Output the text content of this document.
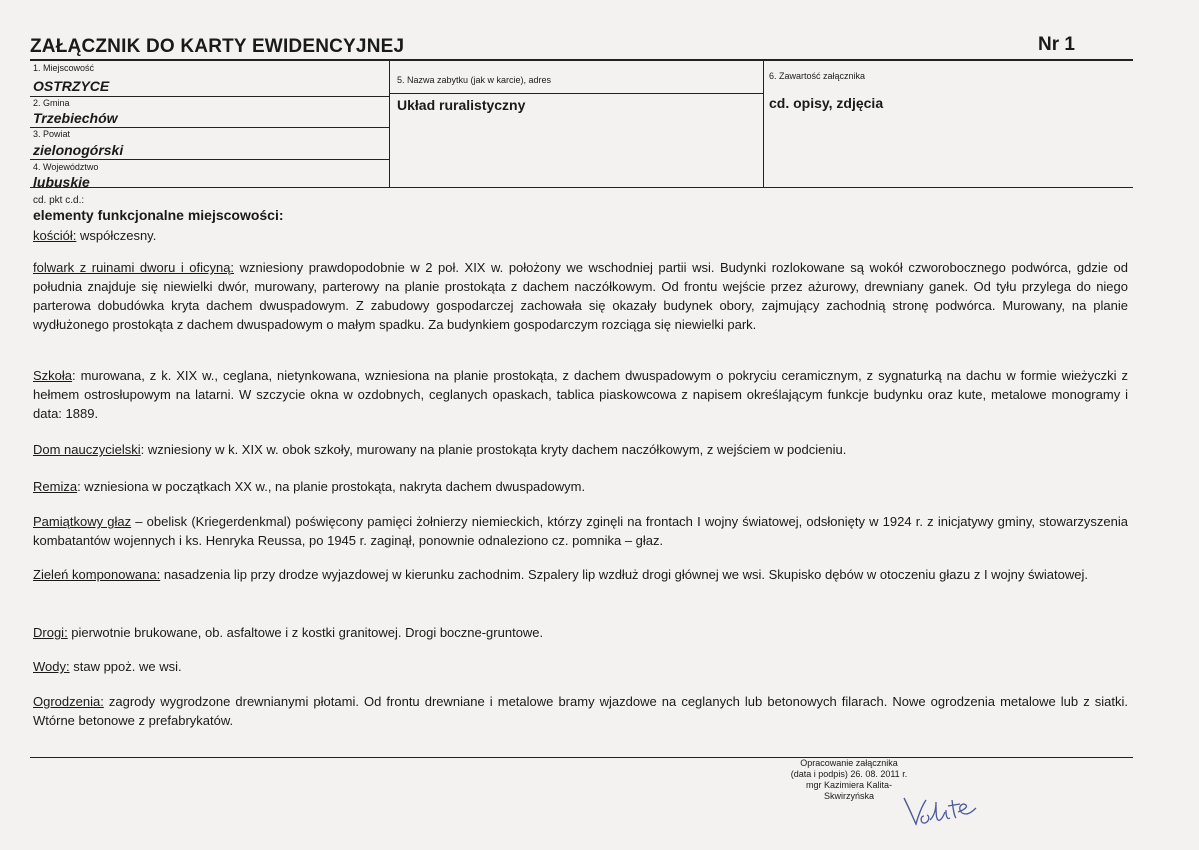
ZAŁĄCZNIK DO KARTY EWIDENCYJNEJ	Nr 1
1. Miejscowość
OSTRZYCE
2. Gmina
Trzebiechów
3. Powiat
zielonogórski
4. Województwo
lubuskie
5. Nazwa zabytku (jak w karcie), adres
Układ ruralistyczny
6. Zawartość załącznika
cd. opisy, zdjęcia
cd. pkt c.d.:
elementy funkcjonalne miejscowości:
kościół: współczesny.
folwark z ruinami dworu i oficyną: wzniesiony prawdopodobnie w 2 poł. XIX w. położony we wschodniej partii wsi. Budynki rozlokowane są wokół czworobocznego podwórca, gdzie od południa znajduje się niewielki dwór, murowany, parterowy na planie prostokąta z dachem naczółkowym. Od frontu wejście przez ażurowy, drewniany ganek. Od tyłu przylega do niego parterowa dobudówka kryta dachem dwuspadowym. Z zabudowy gospodarczej zachowała się okazały budynek obory, zajmujący zachodnią stronę podwórca. Murowany, na planie wydłużonego prostokąta z dachem dwuspadowym o małym spadku. Za budynkiem gospodarczym rozciąga się niewielki park.
Szkoła: murowana, z k. XIX w., ceglana, nietynkowana, wzniesiona na planie prostokąta, z dachem dwuspadowym o pokryciu ceramicznym, z sygnaturką na dachu w formie wieżyczki z hełmem ostrosłupowym na latarni. W szczycie okna w ozdobnych, ceglanych opaskach, tablica piaskowcowa z napisem określającym funkcje budynku oraz kute, metalowe monogramy i data: 1889.
Dom nauczycielski: wzniesiony w k. XIX w. obok szkoły, murowany na planie prostokąta kryty dachem naczółkowym, z wejściem w podcieniu.
Remiza: wzniesiona w początkach XX w., na planie prostokąta, nakryta dachem dwuspadowym.
Pamiątkowy głaz – obelisk (Kriegerdenkmal) poświęcony pamięci żołnierzy niemieckich, którzy zginęli na frontach I wojny światowej, odsłonięty w 1924 r. z inicjatywy gminy, stowarzyszenia kombatantów wojennych i ks. Henryka Reussa, po 1945 r. zaginął, ponownie odnaleziono cz. pomnika – głaz.
Zieleń komponowana: nasadzenia lip przy drodze wyjazdowej w kierunku zachodnim. Szpalery lip wzdłuż drogi głównej we wsi. Skupisko dębów w otoczeniu głazu z I wojny światowej.
Drogi: pierwotnie brukowane, ob. asfaltowe i z kostki granitowej. Drogi boczne-gruntowe.
Wody: staw ppoż. we wsi.
Ogrodzenia: zagrody wygrodzone drewnianymi płotami. Od frontu drewniane i metalowe bramy wjazdowe na ceglanych lub betonowych filarach. Nowe ogrodzenia metalowe lub z siatki. Wtórne betonowe z prefabrykatów.
Opracowanie załącznika
(data i podpis) 26. 08. 2011 r.
mgr Kazimiera Kalita-
Skwirzyńska
